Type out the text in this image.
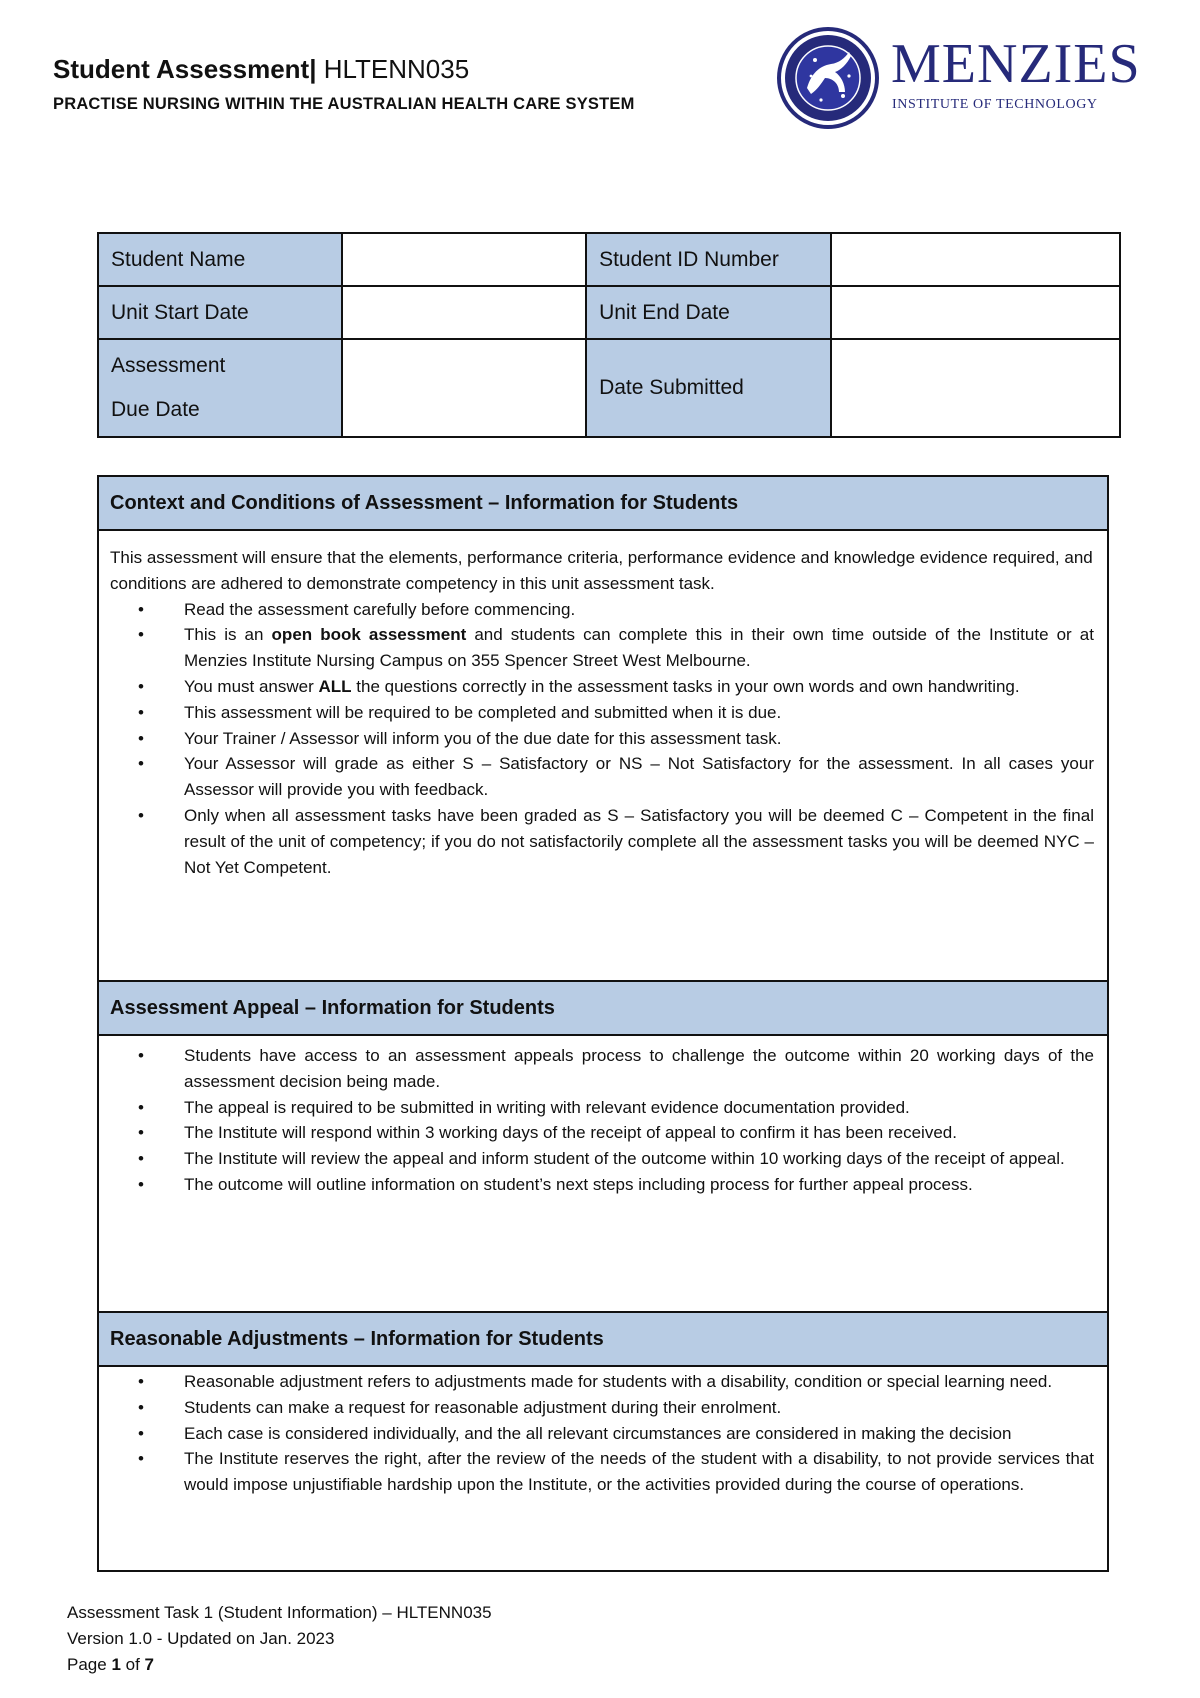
Student Assessment| HLTENN035
PRACTISE NURSING WITHIN THE AUSTRALIAN HEALTH CARE SYSTEM
MENZIES
INSTITUTE OF TECHNOLOGY
Student Name		Student ID Number	
Unit Start Date		Unit End Date	

Assessment
Due Date		Date Submitted	
Context and Conditions of Assessment – Information for Students
This assessment will ensure that the elements, performance criteria, performance evidence and knowledge evidence required, and conditions are adhered to demonstrate competency in this unit assessment task.
• Read the assessment carefully before commencing.
• This is an open book assessment and students can complete this in their own time outside of the Institute or at Menzies Institute Nursing Campus on 355 Spencer Street West Melbourne.
• You must answer ALL the questions correctly in the assessment tasks in your own words and own handwriting.
• This assessment will be required to be completed and submitted when it is due.
• Your Trainer / Assessor will inform you of the due date for this assessment task.
• Your Assessor will grade as either S – Satisfactory or NS – Not Satisfactory for the assessment. In all cases your Assessor will provide you with feedback.
• Only when all assessment tasks have been graded as S – Satisfactory you will be deemed C – Competent in the final result of the unit of competency; if you do not satisfactorily complete all the assessment tasks you will be deemed NYC – Not Yet Competent.
Assessment Appeal – Information for Students
• Students have access to an assessment appeals process to challenge the outcome within 20 working days of the assessment decision being made.
• The appeal is required to be submitted in writing with relevant evidence documentation provided.
• The Institute will respond within 3 working days of the receipt of appeal to confirm it has been received.
• The Institute will review the appeal and inform student of the outcome within 10 working days of the receipt of appeal.
• The outcome will outline information on student’s next steps including process for further appeal process.
Reasonable Adjustments – Information for Students
• Reasonable adjustment refers to adjustments made for students with a disability, condition or special learning need.
• Students can make a request for reasonable adjustment during their enrolment.
• Each case is considered individually, and the all relevant circumstances are considered in making the decision
• The Institute reserves the right, after the review of the needs of the student with a disability, to not provide services that would impose unjustifiable hardship upon the Institute, or the activities provided during the course of operations.
Assessment Task 1 (Student Information) – HLTENN035
Version 1.0 - Updated on Jan. 2023
Page 1 of 7
